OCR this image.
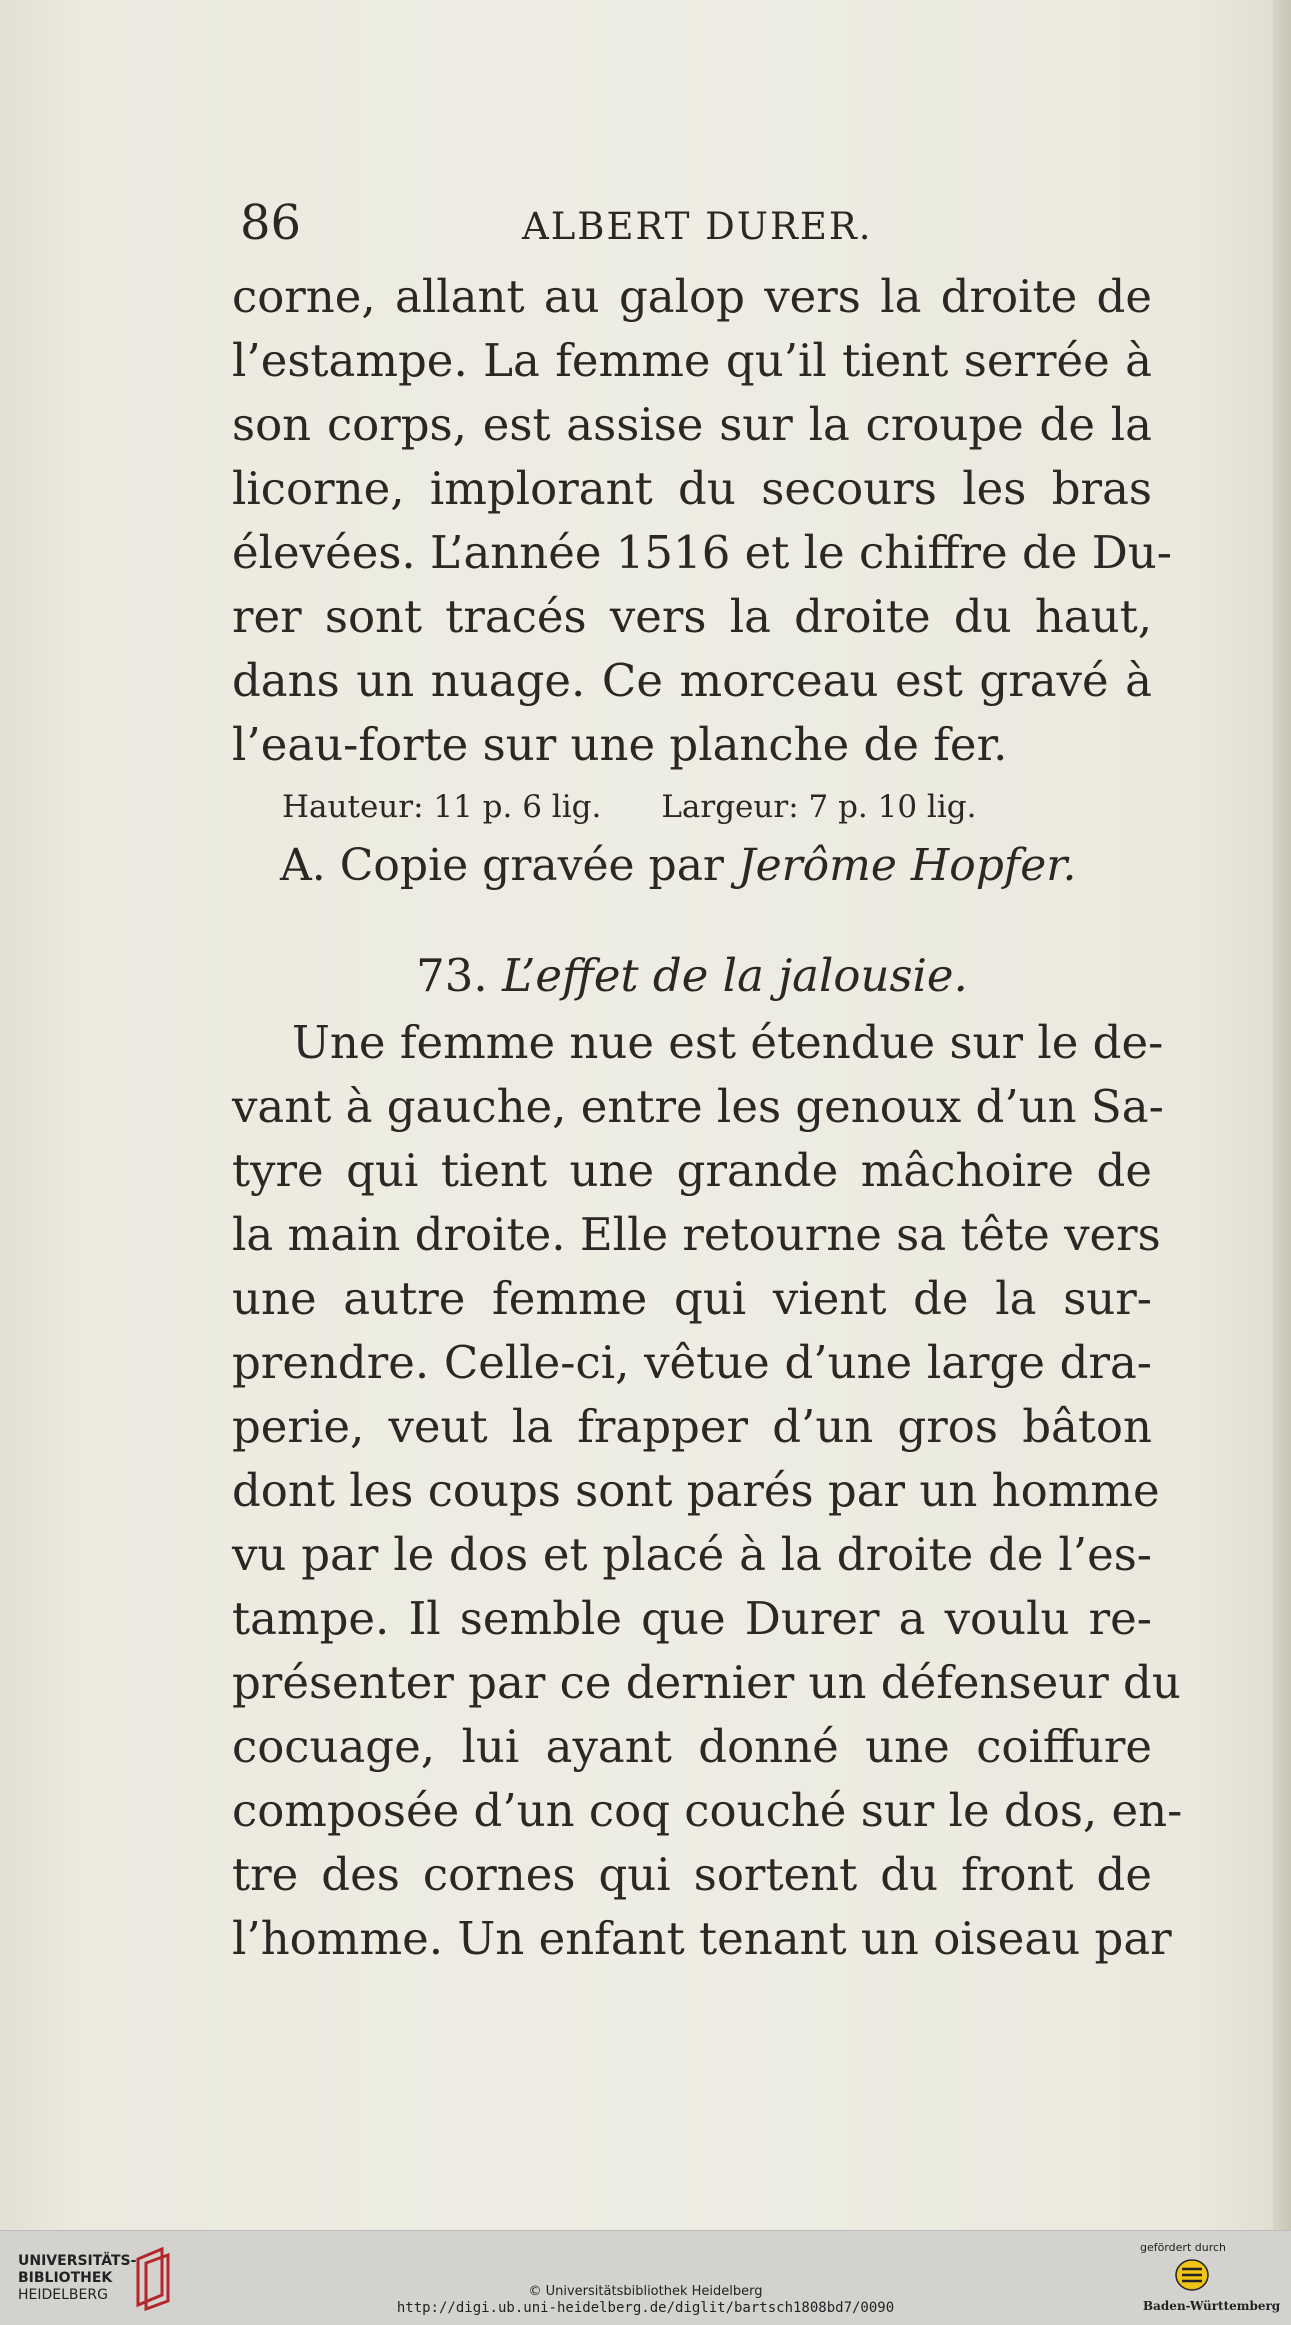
86	ALBERT DURER.
corne, allant au galop vers la droite de
l’estampe. La femme qu’il tient serrée à
son corps, est assise sur la croupe de la
licorne, implorant du secours les bras
élevées. L’année 1516 et le chiffre de Du-
rer sont tracés vers la droite du haut,
dans un nuage. Ce morceau est gravé à
l’eau-forte sur une planche de fer.
Hauteur: 11 p. 6 lig. Largeur: 7 p. 10 lig.
A. Copie gravée par Jerôme Hopfer.
73. L’effet de la jalousie.
Une femme nue est étendue sur le de-
vant à gauche, entre les genoux d’un Sa-
tyre qui tient une grande mâchoire de
la main droite. Elle retourne sa tête vers
une autre femme qui vient de la sur-
prendre. Celle-ci, vêtue d’une large dra-
perie, veut la frapper d’un gros bâton
dont les coups sont parés par un homme
vu par le dos et placé à la droite de l’es-
tampe. Il semble que Durer a voulu re-
présenter par ce dernier un défenseur du
cocuage, lui ayant donné une coiffure
composée d’un coq couché sur le dos, en-
tre des cornes qui sortent du front de
l’homme. Un enfant tenant un oiseau par
UNIVERSITÄTS-
BIBLIOTHEK
HEIDELBERG	© Universitätsbibliothek Heidelberg
http://digi.ub.uni-heidelberg.de/diglit/bartsch1808bd7/0090
gefördert durch
Baden-Württemberg
